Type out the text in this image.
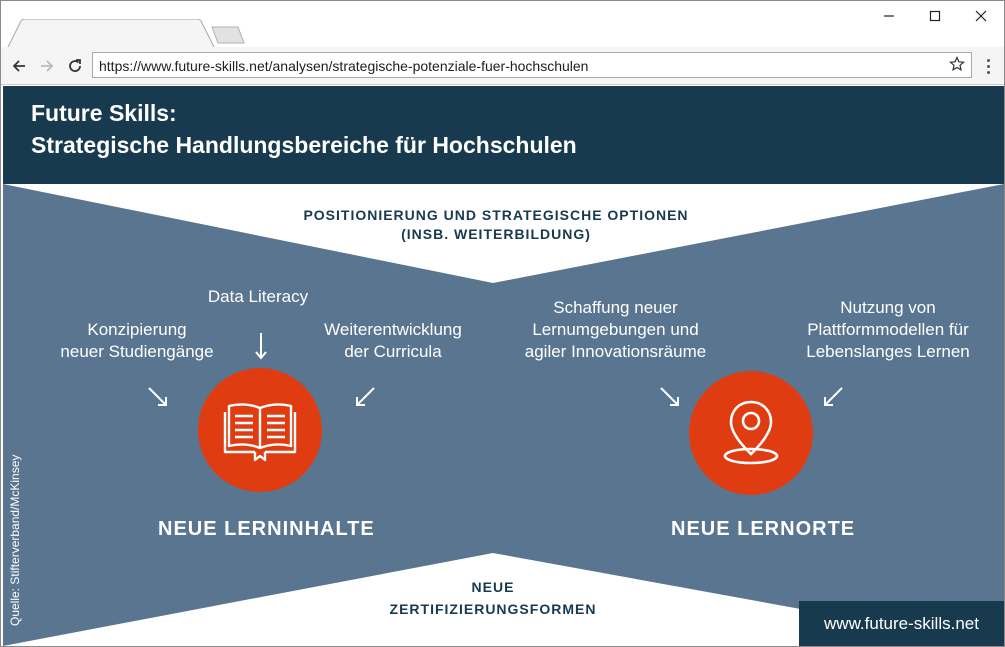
https://www.future-skills.net/analysen/strategische-potenziale-fuer-hochschulen
Future Skills:
Strategische Handlungsbereiche für Hochschulen
POSITIONIERUNG UND STRATEGISCHE OPTIONEN
(INSB. WEITERBILDUNG)
Data Literacy
Konzipierung
neuer Studiengänge
Weiterentwicklung
der Curricula
NEUE LERNINHALTE
Schaffung neuer
Lernumgebungen und
agiler Innovationsräume
Nutzung von
Plattformmodellen für
Lebenslanges Lernen
NEUE LERNORTE
NEUE
ZERTIFIZIERUNGSFORMEN
Quelle: Stifterverband/McKinsey	www.future-skills.net
